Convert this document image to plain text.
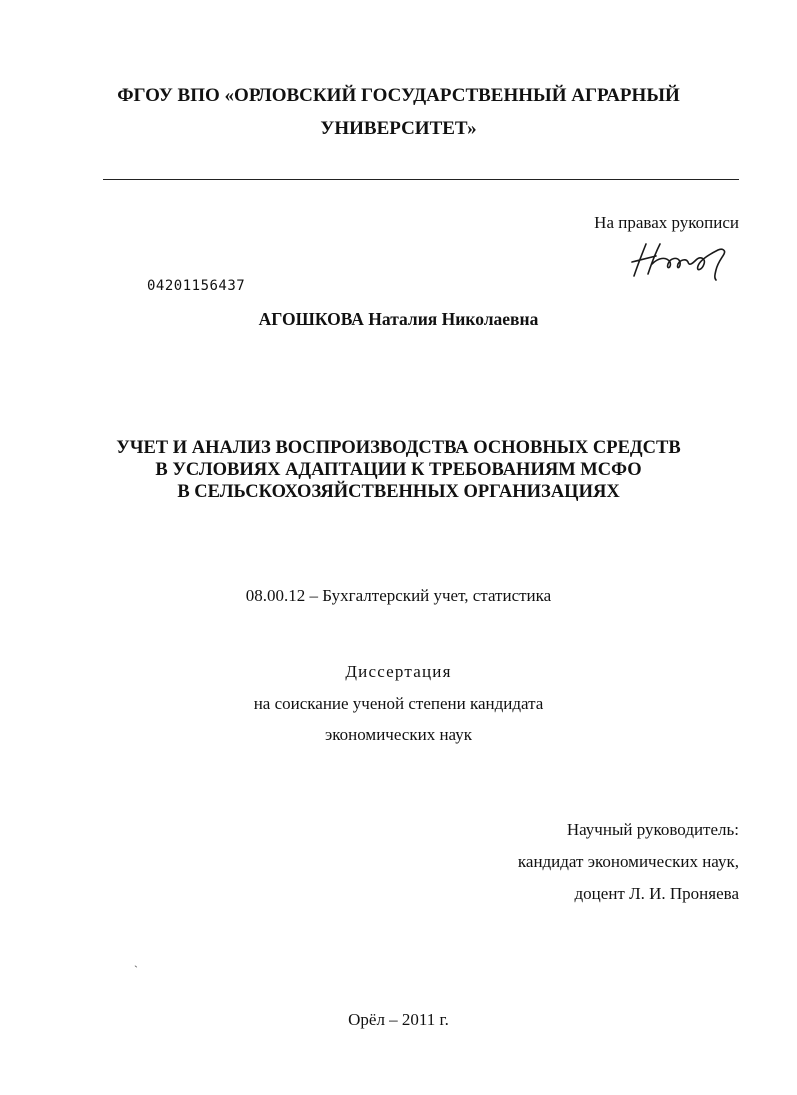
ФГОУ ВПО «ОРЛОВСКИЙ ГОСУДАРСТВЕННЫЙ АГРАРНЫЙ
УНИВЕРСИТЕТ»
На правах рукописи
04201156437
АГОШКОВА Наталия Николаевна
УЧЕТ И АНАЛИЗ ВОСПРОИЗВОДСТВА ОСНОВНЫХ СРЕДСТВ
В УСЛОВИЯХ АДАПТАЦИИ К ТРЕБОВАНИЯМ МСФО
В СЕЛЬСКОХОЗЯЙСТВЕННЫХ ОРГАНИЗАЦИЯХ
08.00.12 – Бухгалтерский учет, статистика
Диссертация
на соискание ученой степени кандидата
экономических наук
Научный руководитель:
кандидат экономических наук,
доцент Л. И. Проняева
`
Орёл – 2011 г.
